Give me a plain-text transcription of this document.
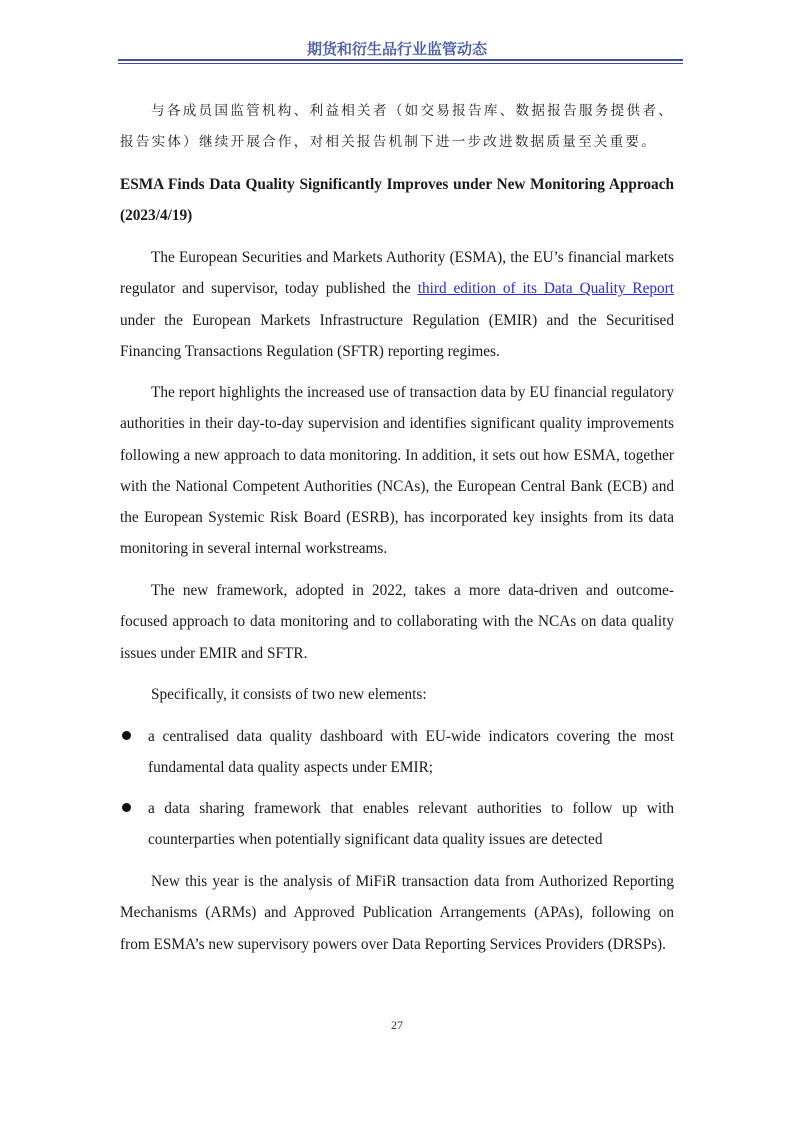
期货和衍生品行业监管动态
与各成员国监管机构、利益相关者（如交易报告库、数据报告服务提供者、报告实体）继续开展合作，对相关报告机制下进一步改进数据质量至关重要。
ESMA Finds Data Quality Significantly Improves under New Monitoring Approach (2023/4/19)
The European Securities and Markets Authority (ESMA), the EU’s financial markets regulator and supervisor, today published the third edition of its Data Quality Report under the European Markets Infrastructure Regulation (EMIR) and the Securitised Financing Transactions Regulation (SFTR) reporting regimes.
The report highlights the increased use of transaction data by EU financial regulatory authorities in their day-to-day supervision and identifies significant quality improvements following a new approach to data monitoring. In addition, it sets out how ESMA, together with the National Competent Authorities (NCAs), the European Central Bank (ECB) and the European Systemic Risk Board (ESRB), has incorporated key insights from its data monitoring in several internal workstreams.
The new framework, adopted in 2022, takes a more data-driven and outcome-focused approach to data monitoring and to collaborating with the NCAs on data quality issues under EMIR and SFTR.
Specifically, it consists of two new elements:
a centralised data quality dashboard with EU-wide indicators covering the most fundamental data quality aspects under EMIR;
a data sharing framework that enables relevant authorities to follow up with counterparties when potentially significant data quality issues are detected
New this year is the analysis of MiFiR transaction data from Authorized Reporting Mechanisms (ARMs) and Approved Publication Arrangements (APAs), following on from ESMA’s new supervisory powers over Data Reporting Services Providers (DRSPs).
27
